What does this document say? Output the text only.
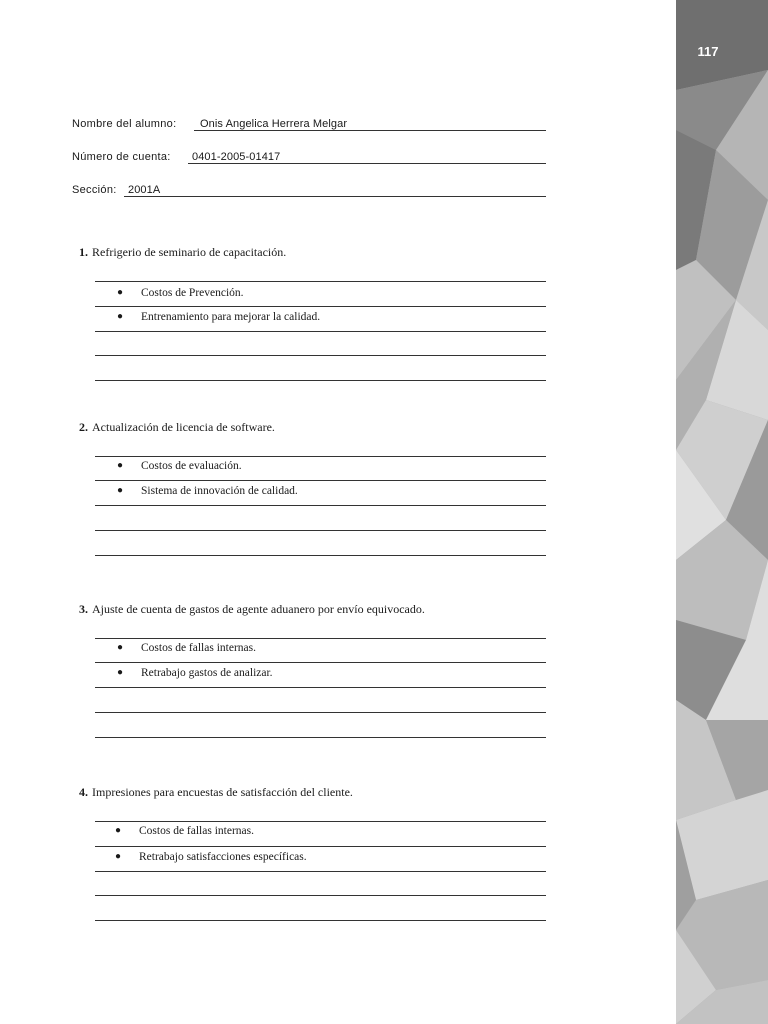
Nombre del alumno: Onis Angelica Herrera Melgar
Número de cuenta: 0401-2005-01417
Sección: 2001A
1. Refrigerio de seminario de capacitación.
● Costos de Prevención.
● Entrenamiento para mejorar la calidad.
2. Actualización de licencia de software.
● Costos de evaluación.
● Sistema de innovación de calidad.
3. Ajuste de cuenta de gastos de agente aduanero por envío equivocado.
● Costos de fallas internas.
● Retrabajo gastos de analizar.
4. Impresiones para encuestas de satisfacción del cliente.
● Costos de fallas internas.
● Retrabajo satisfacciones específicas.
117
